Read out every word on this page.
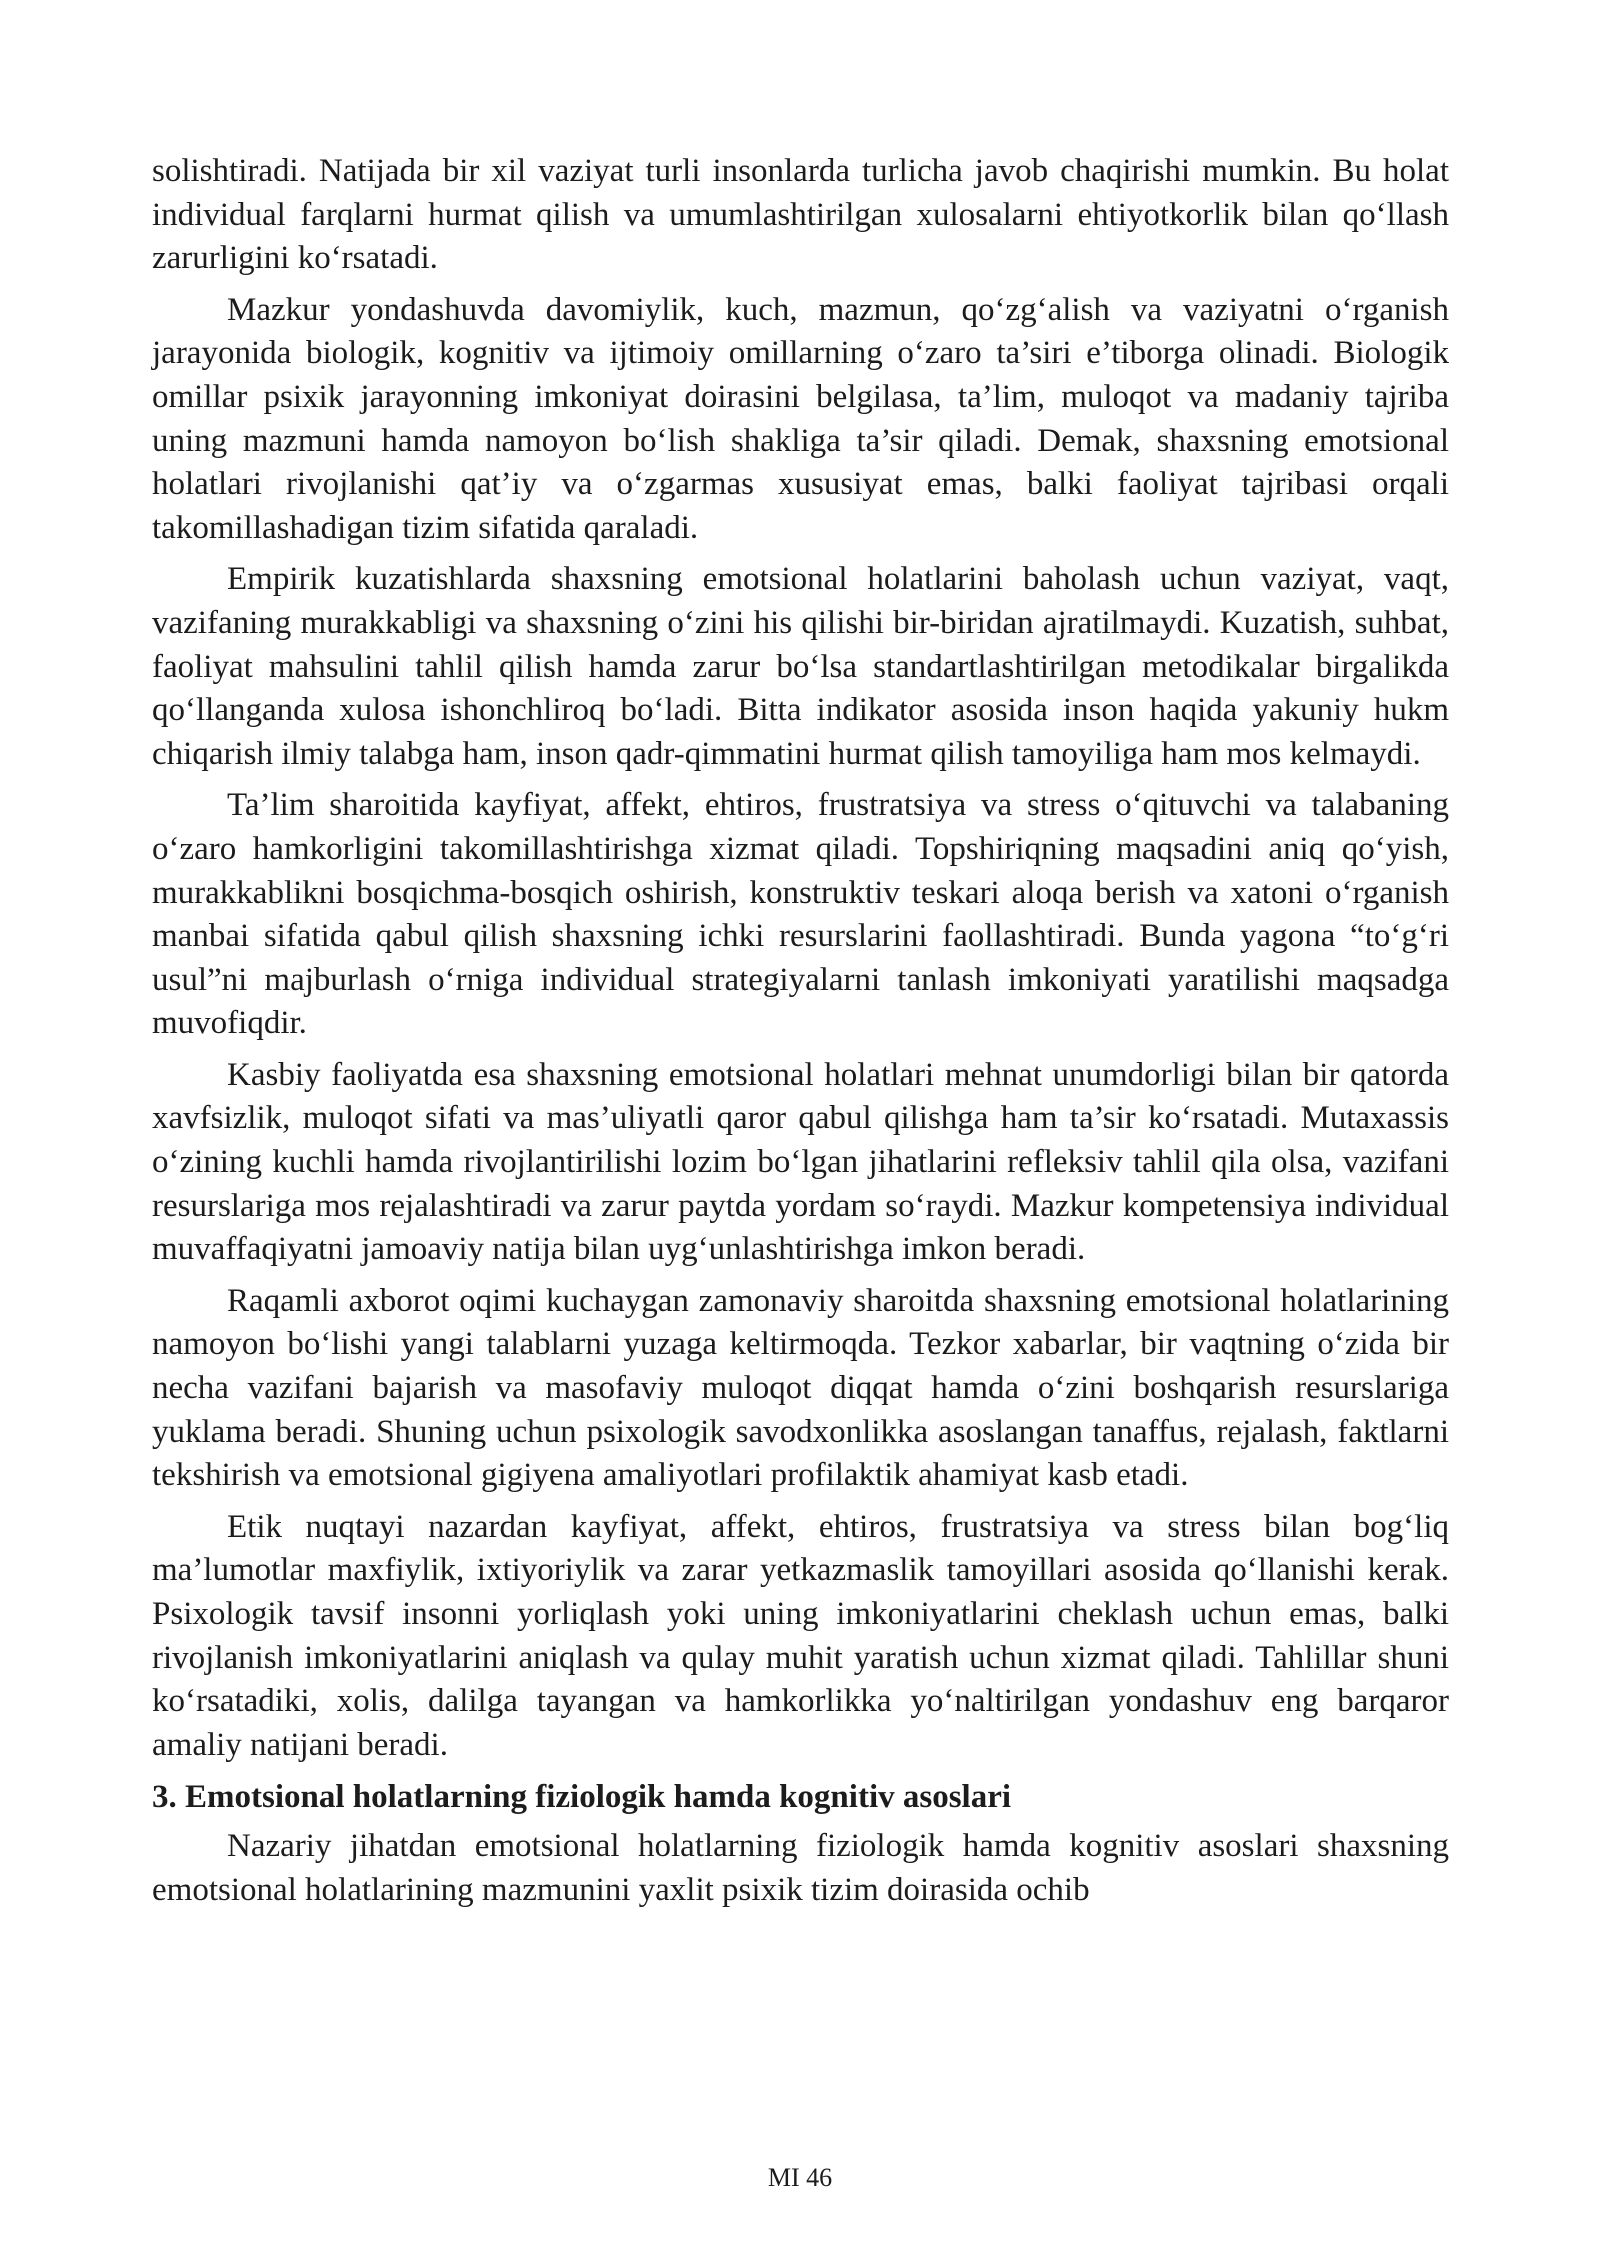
solishtiradi. Natijada bir xil vaziyat turli insonlarda turlicha javob chaqirishi mumkin. Bu holat individual farqlarni hurmat qilish va umumlashtirilgan xulosalarni ehtiyotkorlik bilan qo‘llash zarurligini ko‘rsatadi.

Mazkur yondashuvda davomiylik, kuch, mazmun, qo‘zg‘alish va vaziyatni o‘rganish jarayonida biologik, kognitiv va ijtimoiy omillarning o‘zaro ta’siri e’tiborga olinadi. Biologik omillar psixik jarayonning imkoniyat doirasini belgilasa, ta’lim, muloqot va madaniy tajriba uning mazmuni hamda namoyon bo‘lish shakliga ta’sir qiladi. Demak, shaxsning emotsional holatlari rivojlanishi qat’iy va o‘zgarmas xususiyat emas, balki faoliyat tajribasi orqali takomillashadigan tizim sifatida qaraladi.

Empirik kuzatishlarda shaxsning emotsional holatlarini baholash uchun vaziyat, vaqt, vazifaning murakkabligi va shaxsning o‘zini his qilishi bir-biridan ajratilmaydi. Kuzatish, suhbat, faoliyat mahsulini tahlil qilish hamda zarur bo‘lsa standartlashtirilgan metodikalar birgalikda qo‘llanganda xulosa ishonchliroq bo‘ladi. Bitta indikator asosida inson haqida yakuniy hukm chiqarish ilmiy talabga ham, inson qadr-qimmatini hurmat qilish tamoyiliga ham mos kelmaydi.

Ta’lim sharoitida kayfiyat, affekt, ehtiros, frustratsiya va stress o‘qituvchi va talabaning o‘zaro hamkorligini takomillashtirishga xizmat qiladi. Topshiriqning maqsadini aniq qo‘yish, murakkablikni bosqichma-bosqich oshirish, konstruktiv teskari aloqa berish va xatoni o‘rganish manbai sifatida qabul qilish shaxsning ichki resurslarini faollashtiradi. Bunda yagona “to‘g‘ri usul”ni majburlash o‘rniga individual strategiyalarni tanlash imkoniyati yaratilishi maqsadga muvofiqdir.

Kasbiy faoliyatda esa shaxsning emotsional holatlari mehnat unumdorligi bilan bir qatorda xavfsizlik, muloqot sifati va mas’uliyatli qaror qabul qilishga ham ta’sir ko‘rsatadi. Mutaxassis o‘zining kuchli hamda rivojlantirilishi lozim bo‘lgan jihatlarini refleksiv tahlil qila olsa, vazifani resurslariga mos rejalashtiradi va zarur paytda yordam so‘raydi. Mazkur kompetensiya individual muvaffaqiyatni jamoaviy natija bilan uyg‘unlashtirishga imkon beradi.

Raqamli axborot oqimi kuchaygan zamonaviy sharoitda shaxsning emotsional holatlarining namoyon bo‘lishi yangi talablarni yuzaga keltirmoqda. Tezkor xabarlar, bir vaqtning o‘zida bir necha vazifani bajarish va masofaviy muloqot diqqat hamda o‘zini boshqarish resurslariga yuklama beradi. Shuning uchun psixologik savodxonlikka asoslangan tanaffus, rejalash, faktlarni tekshirish va emotsional gigiyena amaliyotlari profilaktik ahamiyat kasb etadi.

Etik nuqtayi nazardan kayfiyat, affekt, ehtiros, frustratsiya va stress bilan bog‘liq ma’lumotlar maxfiylik, ixtiyoriylik va zarar yetkazmaslik tamoyillari asosida qo‘llanishi kerak. Psixologik tavsif insonni yorliqlash yoki uning imkoniyatlarini cheklash uchun emas, balki rivojlanish imkoniyatlarini aniqlash va qulay muhit yaratish uchun xizmat qiladi. Tahlillar shuni ko‘rsatadiki, xolis, dalilga tayangan va hamkorlikka yo‘naltirilgan yondashuv eng barqaror amaliy natijani beradi.

3. Emotsional holatlarning fiziologik hamda kognitiv asoslari

Nazariy jihatdan emotsional holatlarning fiziologik hamda kognitiv asoslari shaxsning emotsional holatlarining mazmunini yaxlit psixik tizim doirasida ochib

MI 46
